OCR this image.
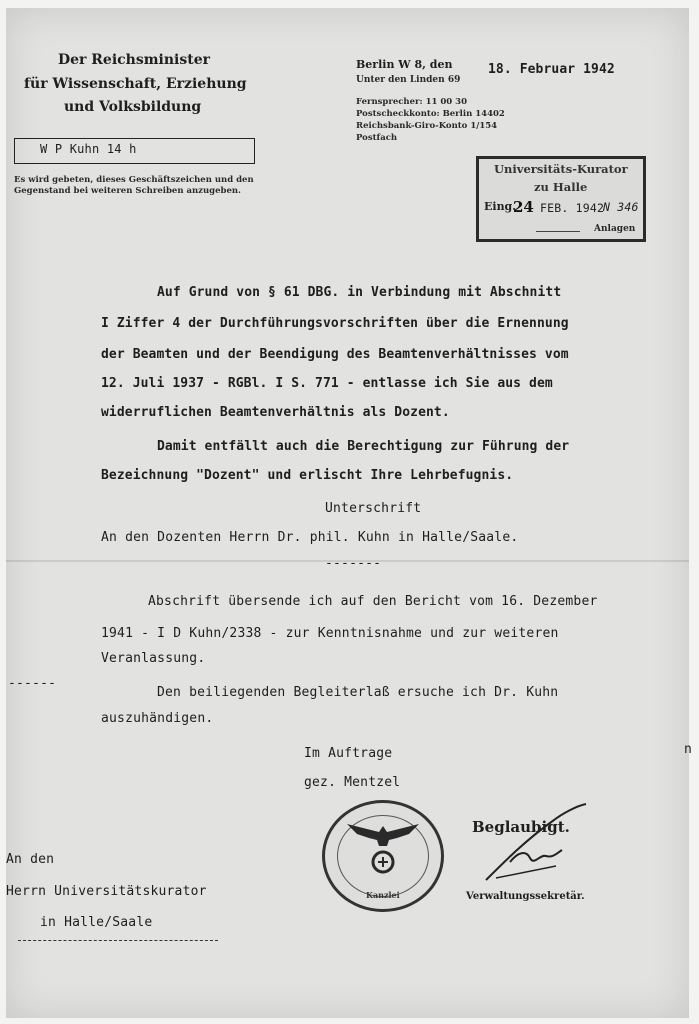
Der Reichsminister
für Wissenschaft, Erziehung
und Volksbildung
W P Kuhn 14 h
Es wird gebeten, dieses Geschäftszeichen und den
Gegenstand bei weiteren Schreiben anzugeben.
Berlin W 8, den
Unter den Linden 69
Fernsprecher: 11 00 30
Postscheckkonto: Berlin 14402
Reichsbank-Giro-Konto 1/154
Postfach
18. Februar 1942
Universitäts-Kurator
zu Halle
Eing.
24 FEB. 1942
N 346
Anlagen
Auf Grund von § 61 DBG. in Verbindung mit Abschnitt
I Ziffer 4 der Durchführungsvorschriften über die Ernennung
der Beamten und der Beendigung des Beamtenverhältnisses vom
12. Juli 1937 - RGBl. I S. 771 - entlasse ich Sie aus dem
widerruflichen Beamtenverhältnis als Dozent.
Damit entfällt auch die Berechtigung zur Führung der
Bezeichnung "Dozent" und erlischt Ihre Lehrbefugnis.
Unterschrift
An den Dozenten Herrn Dr. phil. Kuhn in Halle/Saale.
-------
Abschrift übersende ich auf den Bericht vom 16. Dezember
1941 - I D Kuhn/2338 - zur Kenntnisnahme und zur weiteren
Veranlassung.
------
Den beiliegenden Begleiterlaß ersuche ich Dr. Kuhn
auszuhändigen.
Im Auftrage
gez. Mentzel
Kanzlei
Beglaubigt.
Verwaltungssekretär.
An den
Herrn Universitätskurator
in Halle/Saale
n
